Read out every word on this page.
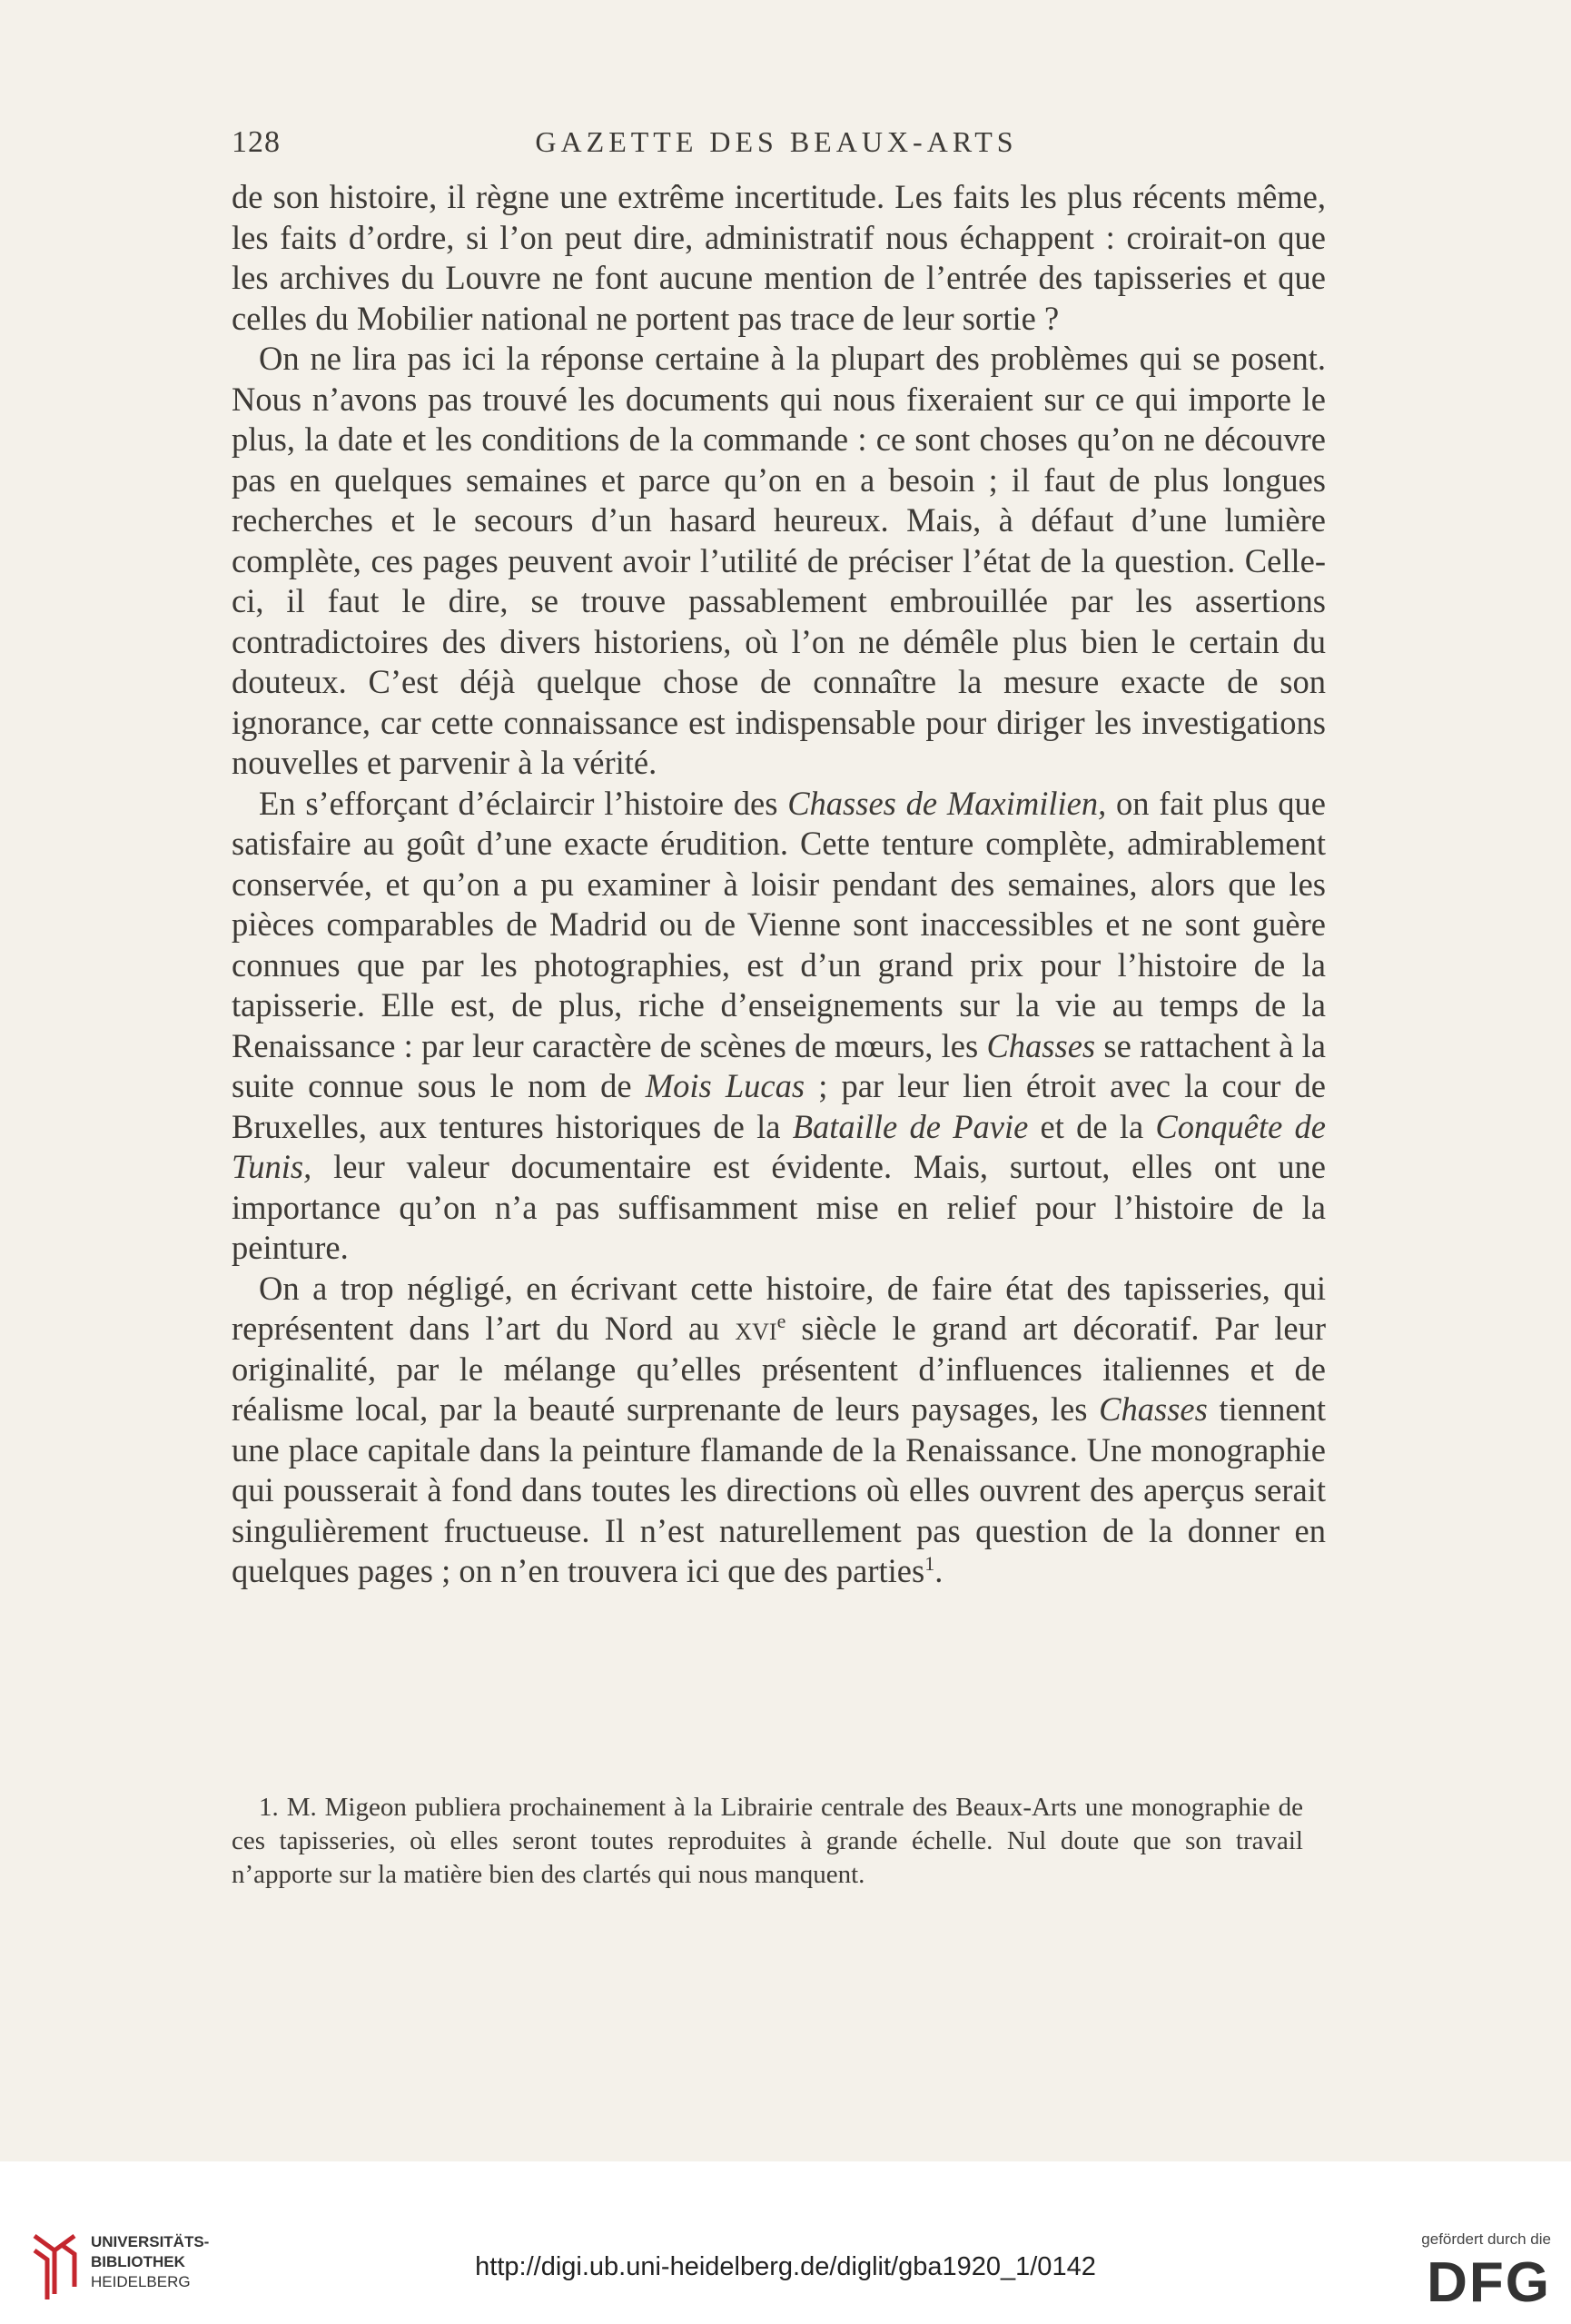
128	GAZETTE DES BEAUX-ARTS

de son histoire, il règne une extrême incertitude. Les faits les plus récents même, les faits d’ordre, si l’on peut dire, administratif nous échappent : croirait-on que les archives du Louvre ne font aucune mention de l’entrée des tapisseries et que celles du Mobilier national ne portent pas trace de leur sortie ?

On ne lira pas ici la réponse certaine à la plupart des problèmes qui se posent. Nous n’avons pas trouvé les documents qui nous fixeraient sur ce qui importe le plus, la date et les conditions de la commande : ce sont choses qu’on ne découvre pas en quelques semaines et parce qu’on en a besoin ; il faut de plus longues recherches et le secours d’un hasard heureux. Mais, à défaut d’une lumière complète, ces pages peuvent avoir l’utilité de préciser l’état de la question. Celle-ci, il faut le dire, se trouve passablement embrouillée par les assertions contradictoires des divers historiens, où l’on ne démêle plus bien le certain du douteux. C’est déjà quelque chose de connaître la mesure exacte de son ignorance, car cette connaissance est indispensable pour diriger les investigations nouvelles et parvenir à la vérité.

En s’efforçant d’éclaircir l’histoire des Chasses de Maximilien, on fait plus que satisfaire au goût d’une exacte érudition. Cette tenture complète, admirablement conservée, et qu’on a pu examiner à loisir pendant des semaines, alors que les pièces comparables de Madrid ou de Vienne sont inaccessibles et ne sont guère connues que par les photographies, est d’un grand prix pour l’histoire de la tapisserie. Elle est, de plus, riche d’enseignements sur la vie au temps de la Renaissance : par leur caractère de scènes de mœurs, les Chasses se rattachent à la suite connue sous le nom de Mois Lucas ; par leur lien étroit avec la cour de Bruxelles, aux tentures historiques de la Bataille de Pavie et de la Conquête de Tunis, leur valeur documentaire est évidente. Mais, surtout, elles ont une importance qu’on n’a pas suffisamment mise en relief pour l’histoire de la peinture.

On a trop négligé, en écrivant cette histoire, de faire état des tapisseries, qui représentent dans l’art du Nord au xvi$^e$ siècle le grand art décoratif. Par leur originalité, par le mélange qu’elles présentent d’influences italiennes et de réalisme local, par la beauté surprenante de leurs paysages, les Chasses tiennent une place capitale dans la peinture flamande de la Renaissance. Une monographie qui pousserait à fond dans toutes les directions où elles ouvrent des aperçus serait singulièrement fructueuse. Il n’est naturellement pas question de la donner en quelques pages ; on n’en trouvera ici que des parties$^1$.

1. M. Migeon publiera prochainement à la Librairie centrale des Beaux-Arts une monographie de ces tapisseries, où elles seront toutes reproduites à grande échelle. Nul doute que son travail n’apporte sur la matière bien des clartés qui nous manquent.

UNIVERSITÄTS-
BIBLIOTHEK
HEIDELBERG
http://digi.ub.uni-heidelberg.de/diglit/gba1920_1/0142
gefördert durch die
DFG
